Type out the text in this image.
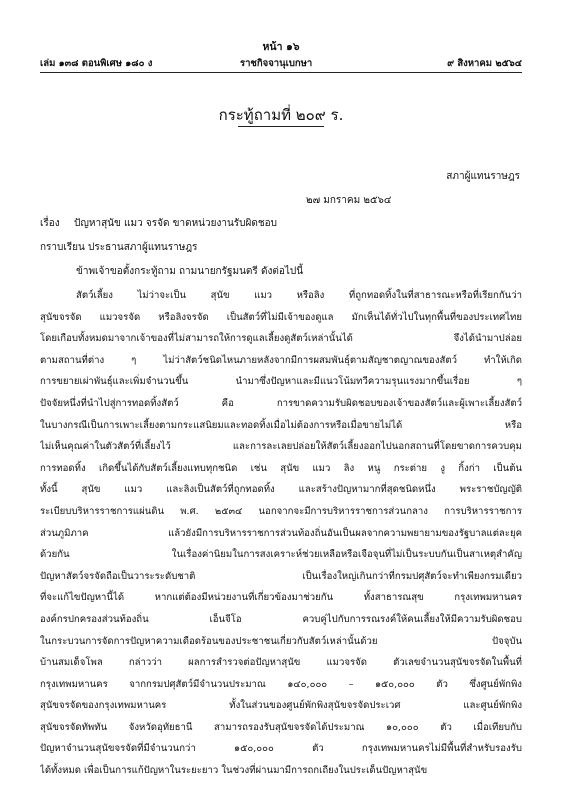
หน้า ๑๖
เล่ม ๑๓๘ ตอนพิเศษ ๑๘๐ ง	ราชกิจจานุเบกษา	๙ สิงหาคม ๒๕๖๔
กระทู้ถามที่ ๒๐๙ ร.
สภาผู้แทนราษฎร
๒๗ มกราคม ๒๕๖๔
เรื่อง ปัญหาสุนัข แมว จรจัด ขาดหน่วยงานรับผิดชอบ
กราบเรียน ประธานสภาผู้แทนราษฎร
ข้าพเจ้าขอตั้งกระทู้ถาม ถามนายกรัฐมนตรี ดังต่อไปนี้
สัตว์เลี้ยง ไม่ว่าจะเป็น สุนัข แมว หรือลิง ที่ถูกทอดทิ้งในที่สาธารณะหรือที่เรียกกันว่า
สุนัขจรจัด แมวจรจัด หรือลิงจรจัด เป็นสัตว์ที่ไม่มีเจ้าของดูแล มักเห็นได้ทั่วไปในทุกพื้นที่ของประเทศไทย
โดยเกือบทั้งหมดมาจากเจ้าของที่ไม่สามารถให้การดูแลเลี้ยงดูสัตว์เหล่านั้นได้ จึงได้นำมาปล่อย
ตามสถานที่ต่าง ๆ ไม่ว่าสัตว์ชนิดไหนภายหลังจากมีการผสมพันธุ์ตามสัญชาตญาณของสัตว์ ทำให้เกิด
การขยายเผ่าพันธุ์และเพิ่มจำนวนขึ้น นำมาซึ่งปัญหาและมีแนวโน้มทวีความรุนแรงมากขึ้นเรื่อย ๆ
ปัจจัยหนึ่งที่นำไปสู่การทอดทิ้งสัตว์ คือ การขาดความรับผิดชอบของเจ้าของสัตว์และผู้เพาะเลี้ยงสัตว์
ในบางกรณีเป็นการเพาะเลี้ยงตามกระแสนิยมและทอดทิ้งเมื่อไม่ต้องการหรือเมื่อขายไม่ได้ หรือ
ไม่เห็นคุณค่าในตัวสัตว์ที่เลี้ยงไว้ และการละเลยปล่อยให้สัตว์เลี้ยงออกไปนอกสถานที่โดยขาดการควบคุม
การทอดทิ้ง เกิดขึ้นได้กับสัตว์เลี้ยงแทบทุกชนิด เช่น สุนัข แมว ลิง หนู กระต่าย งู กิ้งก่า เป็นต้น
ทั้งนี้ สุนัข แมว และลิงเป็นสัตว์ที่ถูกทอดทิ้ง และสร้างปัญหามากที่สุดชนิดหนึ่ง พระราชบัญญัติ
ระเบียบบริหารราชการแผ่นดิน พ.ศ. ๒๕๓๔ นอกจากจะมีการบริหารราชการส่วนกลาง การบริหารราชการ
ส่วนภูมิภาค แล้วยังมีการบริหารราชการส่วนท้องถิ่นอันเป็นผลจากความพยายามของรัฐบาลแต่ละยุค
ด้วยกัน ในเรื่องค่านิยมในการสงเคราะห์ช่วยเหลือหรือเจือจุนที่ไม่เป็นระบบกันเป็นสาเหตุสำคัญ
ปัญหาสัตว์จรจัดถือเป็นวาระระดับชาติ เป็นเรื่องใหญ่เกินกว่าที่กรมปศุสัตว์จะทำเพียงกรมเดียว
ที่จะแก้ไขปัญหานี้ได้ หากแต่ต้องมีหน่วยงานที่เกี่ยวข้องมาช่วยกัน ทั้งสาธารณสุข กรุงเทพมหานคร
องค์กรปกครองส่วนท้องถิ่น เอ็นจีโอ ควบคู่ไปกับการรณรงค์ให้คนเลี้ยงให้มีความรับผิดชอบ
ในกระบวนการจัดการปัญหาความเดือดร้อนของประชาชนเกี่ยวกับสัตว์เหล่านั้นด้วย ปัจจุบัน
บ้านสมเด็จโพล กล่าวว่า ผลการสำรวจต่อปัญหาสุนัข แมวจรจัด ตัวเลขจำนวนสุนัขจรจัดในพื้นที่
กรุงเทพมหานคร จากกรมปศุสัตว์มีจำนวนประมาณ ๑๔๐,๐๐๐ – ๑๕๐,๐๐๐ ตัว ซึ่งศูนย์พักพิง
สุนัขจรจัดของกรุงเทพมหานคร ทั้งในส่วนของศูนย์พักพิงสุนัขจรจัดประเวศ และศูนย์พักพิง
สุนัขจรจัดทัพทัน จังหวัดอุทัยธานี สามารถรองรับสุนัขจรจัดได้ประมาณ ๑๐,๐๐๐ ตัว เมื่อเทียบกับ
ปัญหาจำนวนสุนัขจรจัดที่มีจำนวนกว่า ๑๕๐,๐๐๐ ตัว กรุงเทพมหานครไม่มีพื้นที่สำหรับรองรับ
ได้ทั้งหมด เพื่อเป็นการแก้ปัญหาในระยะยาว ในช่วงที่ผ่านมามีการถกเถียงในประเด็นปัญหาสุนัข
